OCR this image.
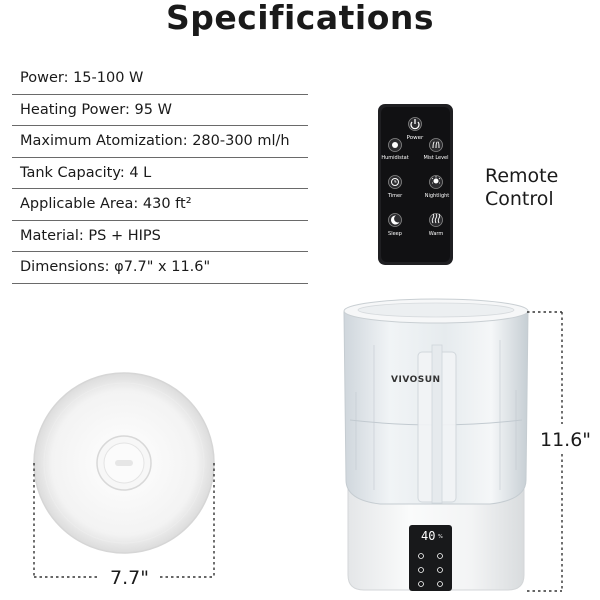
Specifications
Power: 15-100 W
Heating Power: 95 W
Maximum Atomization: 280-300 ml/h
Tank Capacity: 4 L
Applicable Area: 430 ft²
Material: PS + HIPS
Dimensions: φ7.7" x 11.6"
Power
Humidistat	Mist Level
Timer	Nightlight
Sleep	Warm
VIVOSUN
40 %
Remote
Control
11.6"
7.7"
